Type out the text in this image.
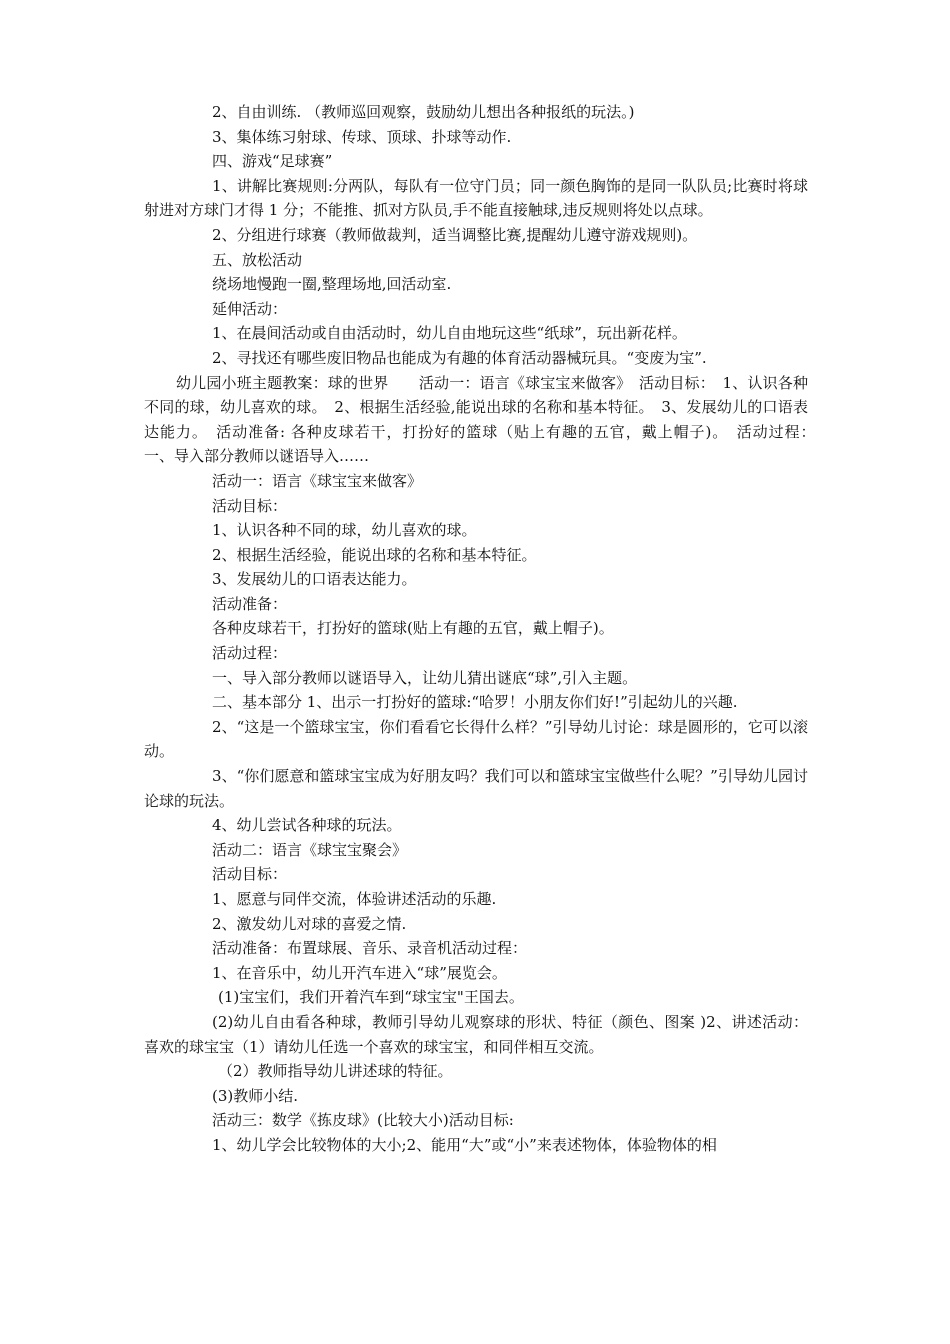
2、自由训练. （教师巡回观察，鼓励幼儿想出各种报纸的玩法。)

3、集体练习射球、传球、顶球、扑球等动作.

四、游戏“足球赛”

1、讲解比赛规则:分两队，每队有一位守门员；同一颜色胸饰的是同一队队员;比赛时将球射进对方球门才得 1 分；不能推、抓对方队员,手不能直接触球,违反规则将处以点球。

2、分组进行球赛（教师做裁判，适当调整比赛,提醒幼儿遵守游戏规则)。

五、放松活动

绕场地慢跑一圈,整理场地,回活动室.

延伸活动：

1、在晨间活动或自由活动时，幼儿自由地玩这些“纸球”，玩出新花样。

2、寻找还有哪些废旧物品也能成为有趣的体育活动器械玩具。“变废为宝”.

幼儿园小班主题教案：球的世界　　活动一：语言《球宝宝来做客》　活动目标：　1、认识各种不同的球，幼儿喜欢的球。　2、根据生活经验,能说出球的名称和基本特征。　3、发展幼儿的口语表达能力。　活动准备: 各种皮球若干，打扮好的篮球（贴上有趣的五官，戴上帽子)。　活动过程：　一、导入部分教师以谜语导入……

活动一：语言《球宝宝来做客》

活动目标：

1、认识各种不同的球，幼儿喜欢的球。

2、根据生活经验，能说出球的名称和基本特征。

3、发展幼儿的口语表达能力。

活动准备：

各种皮球若干，打扮好的篮球(贴上有趣的五官，戴上帽子)。

活动过程：

一、导入部分教师以谜语导入，让幼儿猜出谜底“球”,引入主题。

二、基本部分 1、出示一打扮好的篮球:“哈罗！小朋友你们好!”引起幼儿的兴趣.

2、“这是一个篮球宝宝，你们看看它长得什么样？”引导幼儿讨论：球是圆形的，它可以滚动。

3、“你们愿意和篮球宝宝成为好朋友吗？我们可以和篮球宝宝做些什么呢？”引导幼儿园讨论球的玩法。

4、幼儿尝试各种球的玩法。

活动二：语言《球宝宝聚会》

活动目标：

1、愿意与同伴交流，体验讲述活动的乐趣.

2、激发幼儿对球的喜爱之情.

活动准备：布置球展、音乐、录音机活动过程：

1、在音乐中，幼儿开汽车进入“球”展览会。

(1)宝宝们，我们开着汽车到“球宝宝"王国去。

(2)幼儿自由看各种球，教师引导幼儿观察球的形状、特征（颜色、图案 )2、讲述活动：喜欢的球宝宝（1）请幼儿任选一个喜欢的球宝宝，和同伴相互交流。

（2）教师指导幼儿讲述球的特征。

(3)教师小结.

活动三：数学《拣皮球》(比较大小)活动目标:

1、幼儿学会比较物体的大小;2、能用“大”或“小”来表述物体，体验物体的相
